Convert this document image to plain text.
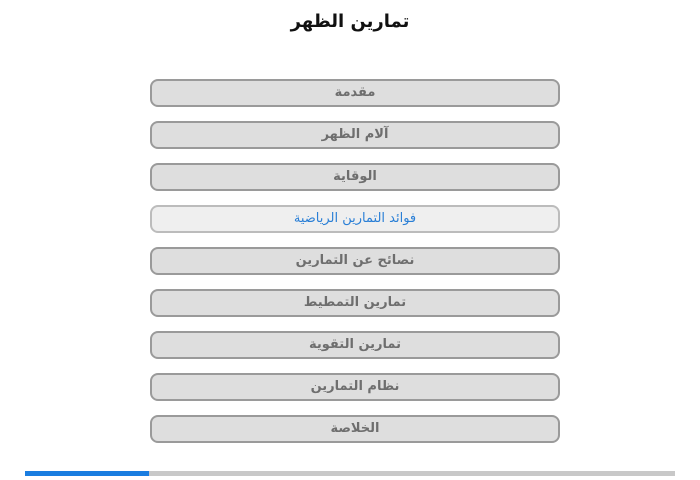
تمارين الظهر
مقدمة
آلام الظهر
الوقاية
فوائد التمارين الرياضية
نصائح عن التمارين
تمارين التمطيط
تمارين التقوية
نظام التمارين
الخلاصة
